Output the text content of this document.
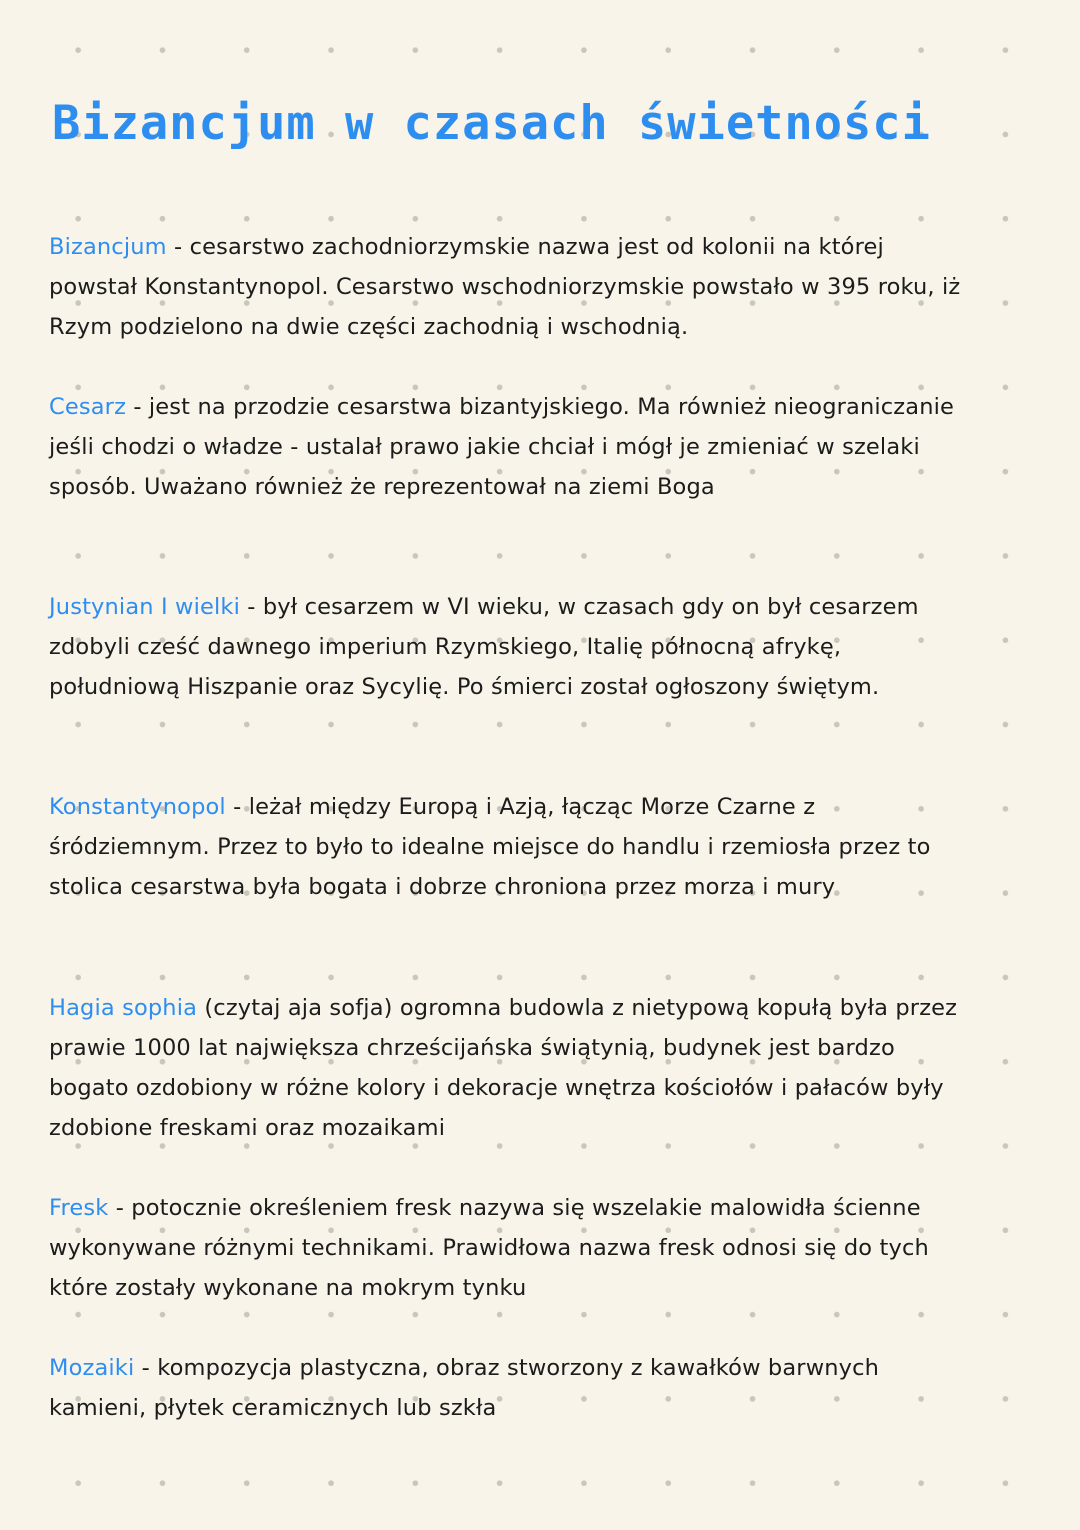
Bizancjum w czasach świetności

Bizancjum - cesarstwo zachodniorzymskie nazwa jest od kolonii na której powstał Konstantynopol. Cesarstwo wschodniorzymskie powstało w 395 roku, iż Rzym podzielono na dwie części zachodnią i wschodnią.

Cesarz - jest na przodzie cesarstwa bizantyjskiego. Ma również nieograniczanie jeśli chodzi o władze - ustalał prawo jakie chciał i mógł je zmieniać w szelaki sposób. Uważano również że reprezentował na ziemi Boga

Justynian I wielki - był cesarzem w VI wieku, w czasach gdy on był cesarzem zdobyli cześć dawnego imperium Rzymskiego, Italię północną afrykę, południową Hiszpanie oraz Sycylię. Po śmierci został ogłoszony świętym.

Konstantynopol - leżał między Europą i Azją, łącząc Morze Czarne z śródziemnym. Przez to było to idealne miejsce do handlu i rzemiosła przez to stolica cesarstwa była bogata i dobrze chroniona przez morza i mury

Hagia sophia (czytaj aja sofja) ogromna budowla z nietypową kopułą była przez prawie 1000 lat największa chrześcijańska świątynią, budynek jest bardzo bogato ozdobiony w różne kolory i dekoracje wnętrza kościołów i pałaców były zdobione freskami oraz mozaikami

Fresk - potocznie określeniem fresk nazywa się wszelakie malowidła ścienne wykonywane różnymi technikami. Prawidłowa nazwa fresk odnosi się do tych które zostały wykonane na mokrym tynku

Mozaiki - kompozycja plastyczna, obraz stworzony z kawałków barwnych kamieni, płytek ceramicznych lub szkła
